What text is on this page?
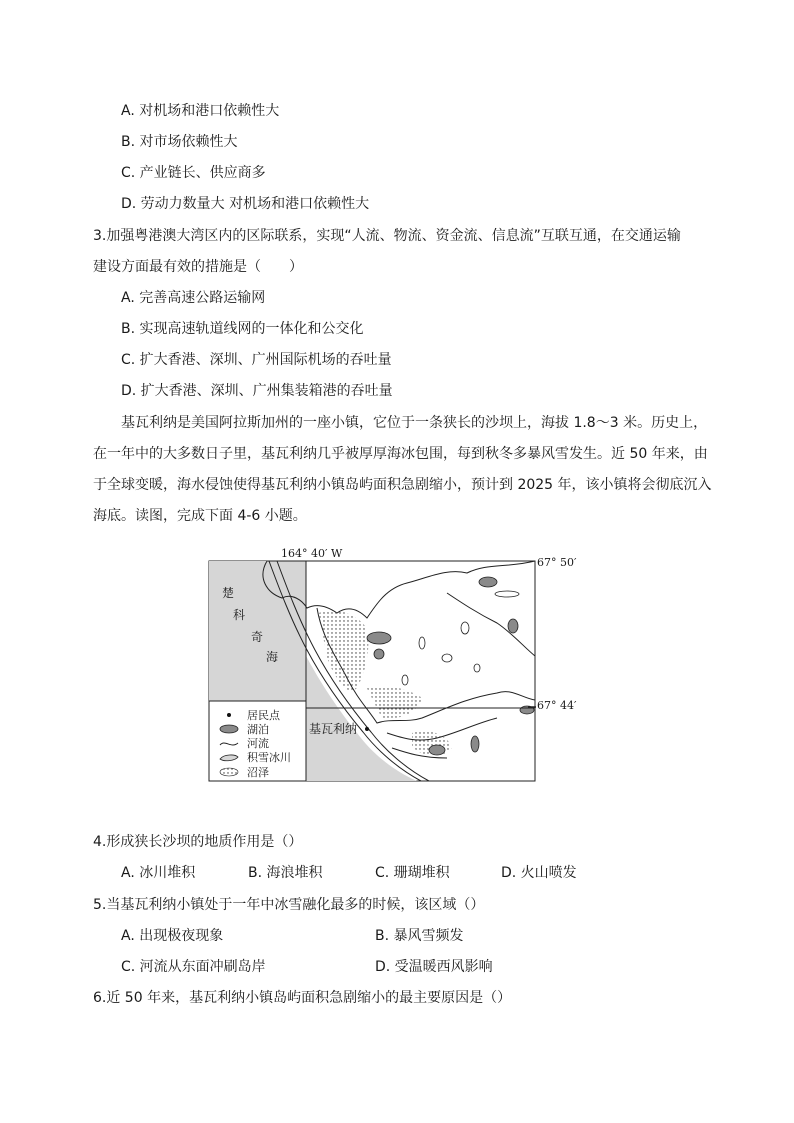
A. 对机场和港口依赖性大
B. 对市场依赖性大
C. 产业链长、供应商多
D. 劳动力数量大 对机场和港口依赖性大
3.加强粤港澳大湾区内的区际联系，实现“人流、物流、资金流、信息流”互联互通，在交通运输
建设方面最有效的措施是（　　）
A. 完善高速公路运输网
B. 实现高速轨道线网的一体化和公交化
C. 扩大香港、深圳、广州国际机场的吞吐量
D. 扩大香港、深圳、广州集装箱港的吞吐量
基瓦利纳是美国阿拉斯加州的一座小镇，它位于一条狭长的沙坝上，海拔 1.8～3 米。历史上，
在一年中的大多数日子里，基瓦利纳几乎被厚厚海冰包围，每到秋冬多暴风雪发生。近 50 年来，由
于全球变暖，海水侵蚀使得基瓦利纳小镇岛屿面积急剧缩小，预计到 2025 年，该小镇将会彻底沉入
海底。读图，完成下面 4-6 小题。
164° 40′ W
67° 50′
67° 44′
楚
科
奇
海
基瓦利纳
居民点
湖泊
河流
积雪冰川
沼泽
4.形成狭长沙坝的地质作用是（）
A. 冰川堆积	B. 海浪堆积	C. 珊瑚堆积	D. 火山喷发
5.当基瓦利纳小镇处于一年中冰雪融化最多的时候，该区域（）
A. 出现极夜现象	B. 暴风雪频发
C. 河流从东面冲刷岛岸	D. 受温暖西风影响
6.近 50 年来，基瓦利纳小镇岛屿面积急剧缩小的最主要原因是（）
